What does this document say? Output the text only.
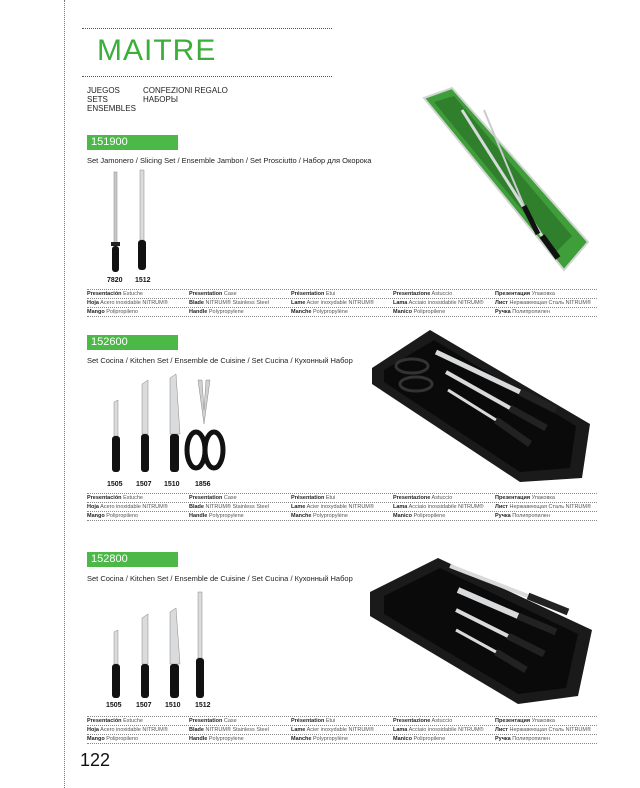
MAITRE
JUEGOS
SETS
ENSEMBLES
CONFEZIONI REGALO
НАБОРЫ
151900
Set Jamonero / Slicing Set / Ensemble Jambon / Set Prosciutto / Набор для Окорока
7820 1512
Presentación Estuche	Presentation Case	Présentation Etui	Presentazione Astuccio	Презентация Упаковка
Hoja Acero inoxidable NITRUM®	Blade NITRUM® Stainless Steel	Lame Acier inoxydable NITRUM®	Lama Acciaio inossidabile NITRUM®	Лист Нержавеющая Сталь NITRUM®
Mango Polipropileno	Handle Polypropylene	Manche Polypropylène	Manico Polipropilene	Ручка Полипропилен
152600
Set Cocina / Kitchen Set / Ensemble de Cuisine / Set Cucina / Кухонный Набор
1505 1507 1510 1856
Presentación Estuche	Presentation Case	Présentation Etui	Presentazione Astuccio	Презентация Упаковка
Hoja Acero inoxidable NITRUM®	Blade NITRUM® Stainless Steel	Lame Acier inoxydable NITRUM®	Lama Acciaio inossidabile NITRUM®	Лист Нержавеющая Сталь NITRUM®
Mango Polipropileno	Handle Polypropylene	Manche Polypropylène	Manico Polipropilene	Ручка Полипропилен
152800
Set Cocina / Kitchen Set / Ensemble de Cuisine / Set Cucina / Кухонный Набор
1505 1507 1510 1512
Presentación Estuche	Presentation Case	Présentation Etui	Presentazione Astuccio	Презентация Упаковка
Hoja Acero inoxidable NITRUM®	Blade NITRUM® Stainless Steel	Lame Acier inoxydable NITRUM®	Lama Acciaio inossidabile NITRUM®	Лист Нержавеющая Сталь NITRUM®
Mango Polipropileno	Handle Polypropylene	Manche Polypropylène	Manico Polipropilene	Ручка Полипропилен
122
